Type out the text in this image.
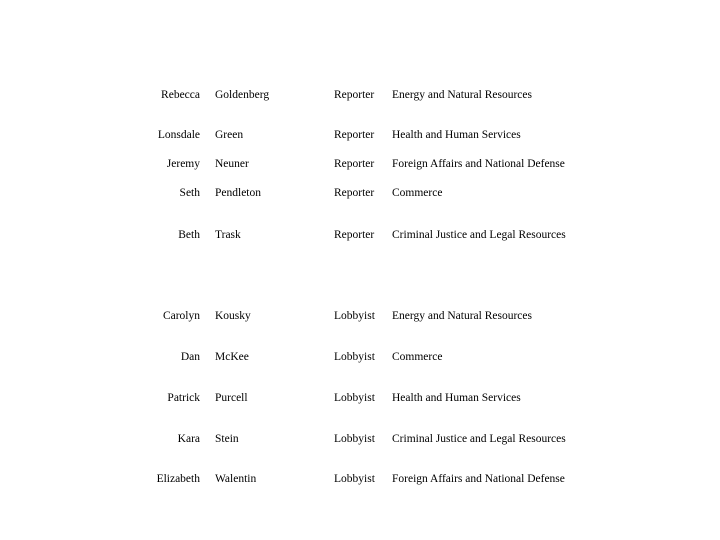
Rebecca Goldenberg	Reporter Energy and Natural Resources
Lonsdale Green	Reporter Health and Human Services
Jeremy Neuner	Reporter Foreign Affairs and National Defense
Seth Pendleton	Reporter Commerce
Beth Trask	Reporter Criminal Justice and Legal Resources
Carolyn Kousky	Lobbyist Energy and Natural Resources
Dan McKee	Lobbyist Commerce
Patrick Purcell	Lobbyist Health and Human Services
Kara Stein	Lobbyist Criminal Justice and Legal Resources
Elizabeth Walentin	Lobbyist Foreign Affairs and National Defense
